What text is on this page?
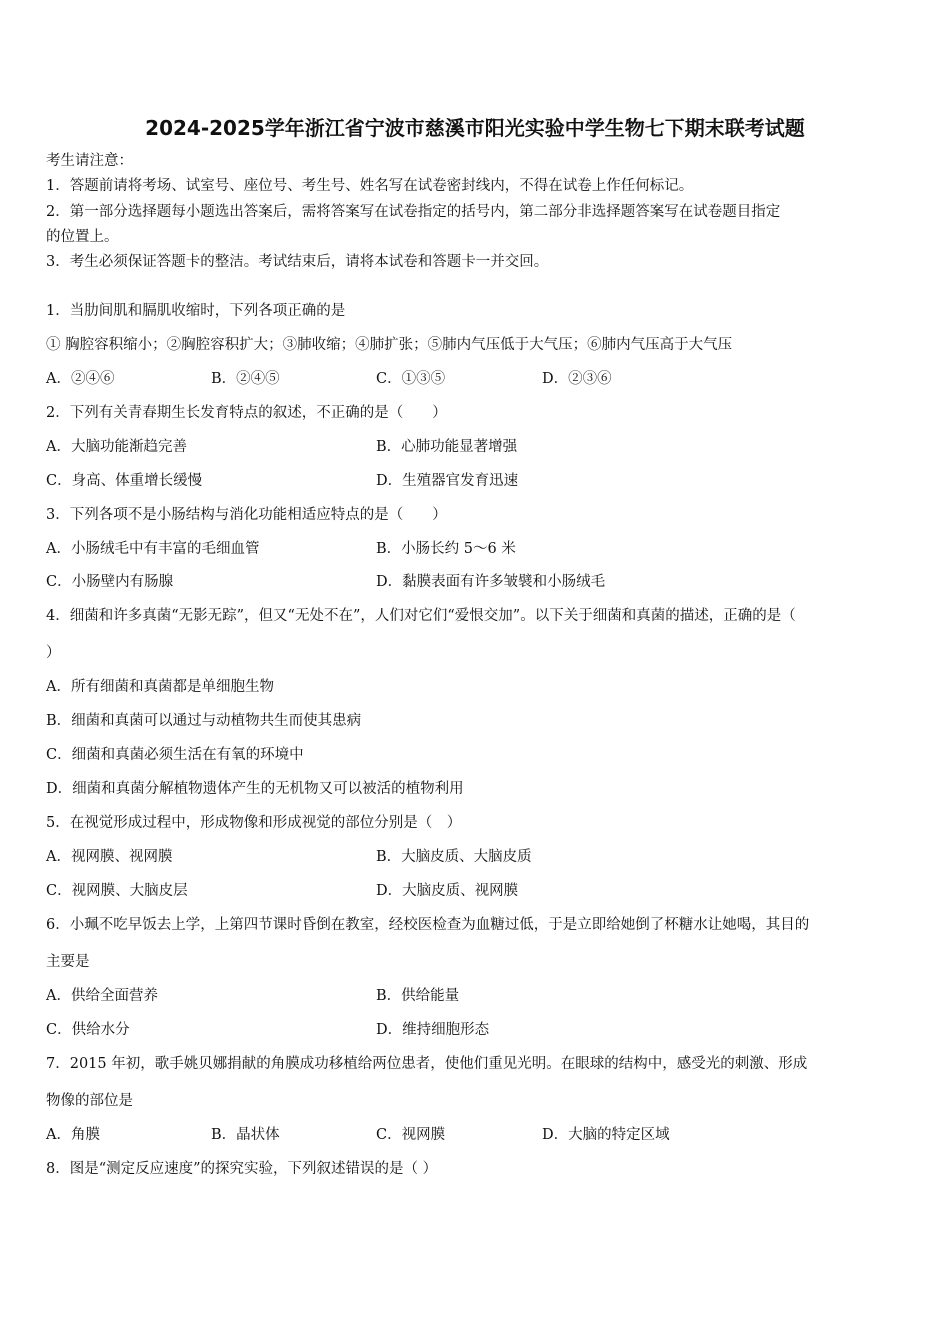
2024-2025学年浙江省宁波市慈溪市阳光实验中学生物七下期末联考试题
考生请注意：
1．答题前请将考场、试室号、座位号、考生号、姓名写在试卷密封线内，不得在试卷上作任何标记。
2．第一部分选择题每小题选出答案后，需将答案写在试卷指定的括号内，第二部分非选择题答案写在试卷题目指定
的位置上。
3．考生必须保证答题卡的整洁。考试结束后，请将本试卷和答题卡一并交回。
1．当肋间肌和膈肌收缩时，下列各项正确的是
① 胸腔容积缩小；②胸腔容积扩大；③肺收缩；④肺扩张；⑤肺内气压低于大气压；⑥肺内气压高于大气压
A．②④⑥	B．②④⑤	C．①③⑤	D．②③⑥
2．下列有关青春期生长发育特点的叙述，不正确的是（　　）
A．大脑功能渐趋完善	B．心肺功能显著增强
C．身高、体重增长缓慢	D．生殖器官发育迅速
3．下列各项不是小肠结构与消化功能相适应特点的是（　　）
A．小肠绒毛中有丰富的毛细血管	B．小肠长约 5～6 米
C．小肠壁内有肠腺	D．黏膜表面有许多皱襞和小肠绒毛
4．细菌和许多真菌“无影无踪”，但又“无处不在”，人们对它们“爱恨交加”。以下关于细菌和真菌的描述，正确的是（
）
A．所有细菌和真菌都是单细胞生物
B．细菌和真菌可以通过与动植物共生而使其患病
C．细菌和真菌必须生活在有氧的环境中
D．细菌和真菌分解植物遗体产生的无机物又可以被活的植物利用
5．在视觉形成过程中，形成物像和形成视觉的部位分别是（　）
A．视网膜、视网膜	B．大脑皮质、大脑皮质
C．视网膜、大脑皮层	D．大脑皮质、视网膜
6．小珮不吃早饭去上学，上第四节课时昏倒在教室，经校医检查为血糖过低，于是立即给她倒了杯糖水让她喝，其目的
主要是
A．供给全面营养	B．供给能量
C．供给水分	D．维持细胞形态
7．2015 年初，歌手姚贝娜捐献的角膜成功移植给两位患者，使他们重见光明。在眼球的结构中，感受光的刺激、形成
物像的部位是
A．角膜	B．晶状体	C．视网膜	D．大脑的特定区域
8．图是“测定反应速度”的探究实验，下列叙述错误的是（ ）
